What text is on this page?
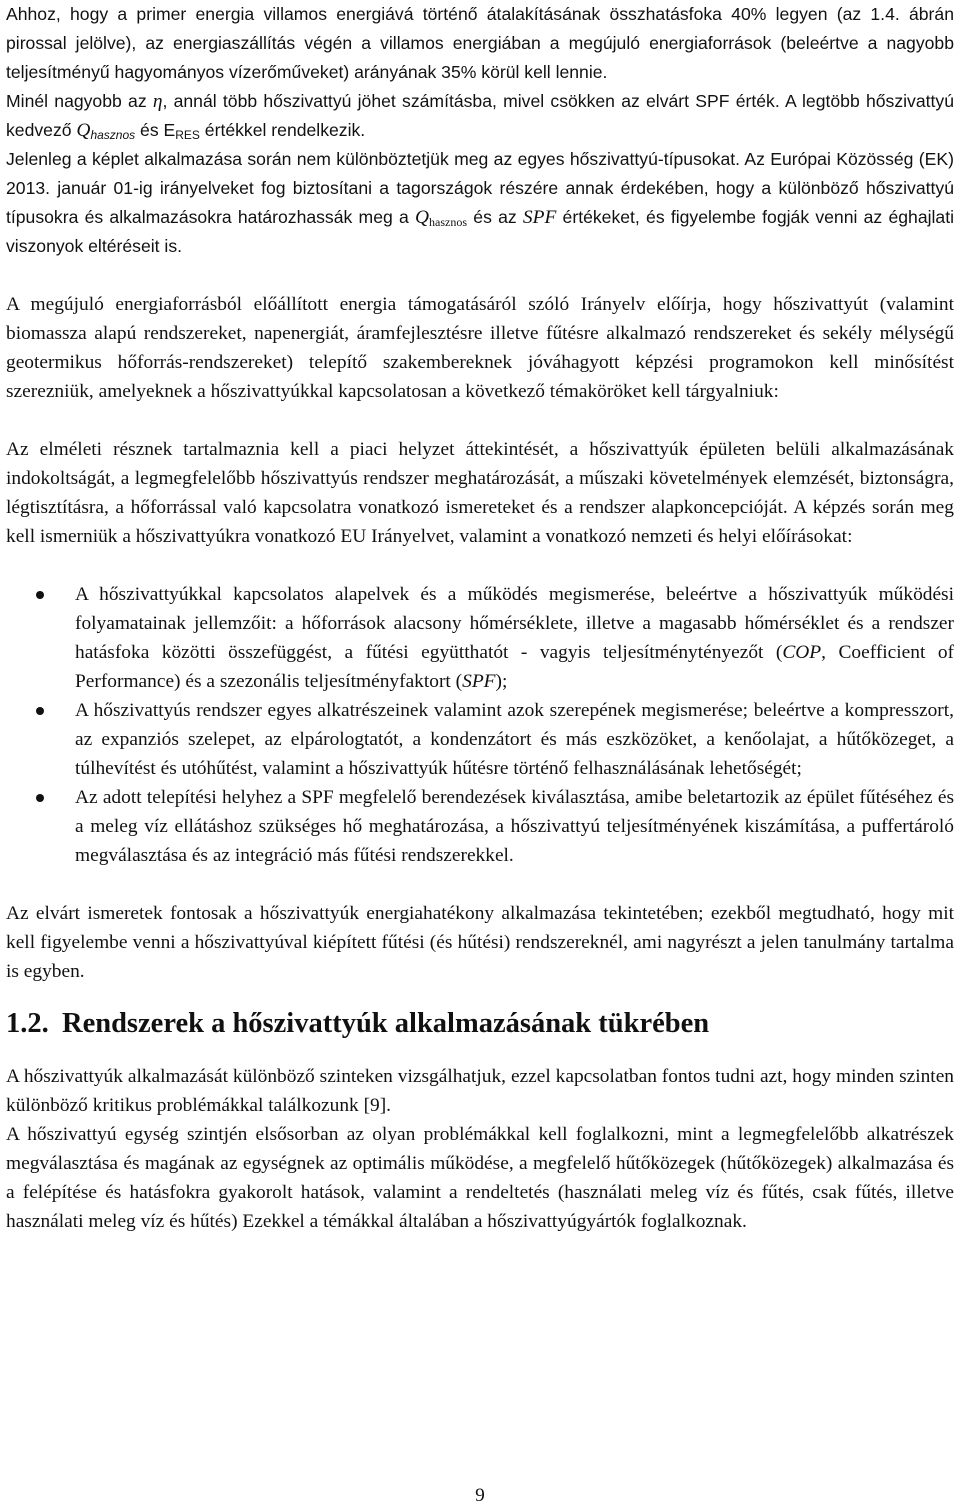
Ahhoz, hogy a primer energia villamos energiává történő átalakításának összhatásfoka 40% legyen (az 1.4. ábrán pirossal jelölve), az energiaszállítás végén a villamos energiában a megújuló energiaforrások (beleértve a nagyobb teljesítményű hagyományos vízerőműveket) arányának 35% körül kell lennie.

Minél nagyobb az η, annál több hőszivattyú jöhet számításba, mivel csökken az elvárt SPF érték. A legtöbb hőszivattyú kedvező $Q_{hasznos}$ és $E_{RES}$ értékkel rendelkezik.

Jelenleg a képlet alkalmazása során nem különböztetjük meg az egyes hőszivattyú-típusokat. Az Európai Közösség (EK) 2013. január 01-ig irányelveket fog biztosítani a tagországok részére annak érdekében, hogy a különböző hőszivattyú típusokra és alkalmazásokra határozhassák meg a $Q_{hasznos}$ és az SPF értékeket, és figyelembe fogják venni az éghajlati viszonyok eltéréseit is.

A megújuló energiaforrásból előállított energia támogatásáról szóló Irányelv előírja, hogy hőszivattyút (valamint biomassza alapú rendszereket, napenergiát, áramfejlesztésre illetve fűtésre alkalmazó rendszereket és sekély mélységű geotermikus hőforrás-rendszereket) telepítő szakembereknek jóváhagyott képzési programokon kell minősítést szerezniük, amelyeknek a hőszivattyúkkal kapcsolatosan a következő témaköröket kell tárgyalniuk:

Az elméleti résznek tartalmaznia kell a piaci helyzet áttekintését, a hőszivattyúk épületen belüli alkalmazásának indokoltságát, a legmegfelelőbb hőszivattyús rendszer meghatározását, a műszaki követelmények elemzését, biztonságra, légtisztításra, a hőforrással való kapcsolatra vonatkozó ismereteket és a rendszer alapkoncepcióját. A képzés során meg kell ismerniük a hőszivattyúkra vonatkozó EU Irányelvet, valamint a vonatkozó nemzeti és helyi előírásokat:

A hőszivattyúkkal kapcsolatos alapelvek és a működés megismerése, beleértve a hőszivattyúk működési folyamatainak jellemzőit: a hőforrások alacsony hőmérséklete, illetve a magasabb hőmérséklet és a rendszer hatásfoka közötti összefüggést, a fűtési együtthatót - vagyis teljesítménytényezőt (COP, Coefficient of Performance) és a szezonális teljesítményfaktort (SPF);
A hőszivattyús rendszer egyes alkatrészeinek valamint azok szerepének megismerése; beleértve a kompresszort, az expanziós szelepet, az elpárologtatót, a kondenzátort és más eszközöket, a kenőolajat, a hűtőközeget, a túlhevítést és utóhűtést, valamint a hőszivattyúk hűtésre történő felhasználásának lehetőségét;
Az adott telepítési helyhez a SPF megfelelő berendezések kiválasztása, amibe beletartozik az épület fűtéséhez és a meleg víz ellátáshoz szükséges hő meghatározása, a hőszivattyú teljesítményének kiszámítása, a puffertároló megválasztása és az integráció más fűtési rendszerekkel.

Az elvárt ismeretek fontosak a hőszivattyúk energiahatékony alkalmazása tekintetében; ezekből megtudható, hogy mit kell figyelembe venni a hőszivattyúval kiépített fűtési (és hűtési) rendszereknél, ami nagyrészt a jelen tanulmány tartalma is egyben.

1.2. Rendszerek a hőszivattyúk alkalmazásának tükrében

A hőszivattyúk alkalmazását különböző szinteken vizsgálhatjuk, ezzel kapcsolatban fontos tudni azt, hogy minden szinten különböző kritikus problémákkal találkozunk [9].

A hőszivattyú egység szintjén elsősorban az olyan problémákkal kell foglalkozni, mint a legmegfelelőbb alkatrészek megválasztása és magának az egységnek az optimális működése, a megfelelő hűtőközegek (hűtőközegek) alkalmazása és a felépítése és hatásfokra gyakorolt hatások, valamint a rendeltetés (használati meleg víz és fűtés, csak fűtés, illetve használati meleg víz és hűtés) Ezekkel a témákkal általában a hőszivattyúgyártók foglalkoznak.

9
